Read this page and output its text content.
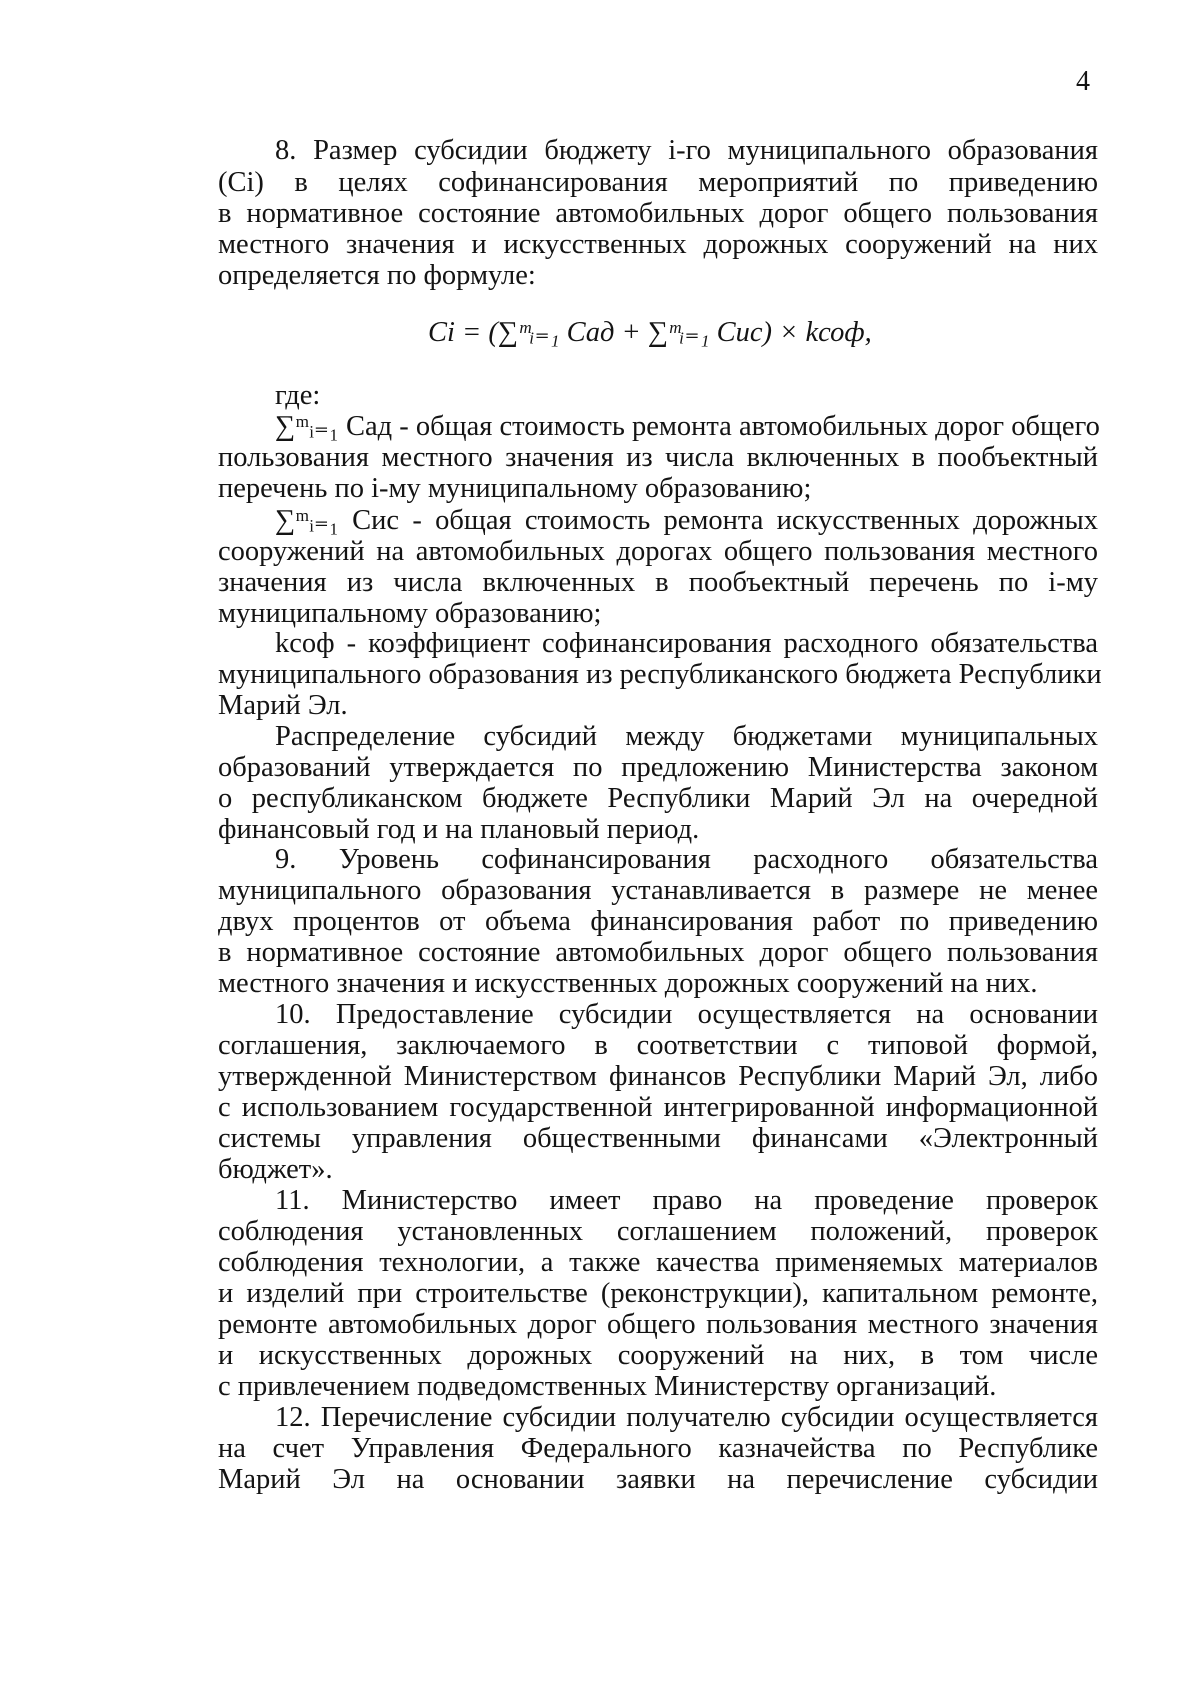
4
8. Размер субсидии бюджету i-го муниципального образования
(Ci) в целях софинансирования мероприятий по приведению
в нормативное состояние автомобильных дорог общего пользования
местного значения и искусственных дорожных сооружений на них
определяется по формуле:
Ci = (∑ᵐᵢ₌₁ Cад + ∑ᵐᵢ₌₁ Cис) × kсоф,
где:
∑ᵐᵢ₌₁ Cад - общая стоимость ремонта автомобильных дорог общего
пользования местного значения из числа включенных в пообъектный
перечень по i-му муниципальному образованию;
∑ᵐᵢ₌₁ Cис - общая стоимость ремонта искусственных дорожных
сооружений на автомобильных дорогах общего пользования местного
значения из числа включенных в пообъектный перечень по i-му
муниципальному образованию;
kсоф - коэффициент софинансирования расходного обязательства
муниципального образования из республиканского бюджета Республики
Марий Эл.
Распределение субсидий между бюджетами муниципальных
образований утверждается по предложению Министерства законом
о республиканском бюджете Республики Марий Эл на очередной
финансовый год и на плановый период.
9. Уровень софинансирования расходного обязательства
муниципального образования устанавливается в размере не менее
двух процентов от объема финансирования работ по приведению
в нормативное состояние автомобильных дорог общего пользования
местного значения и искусственных дорожных сооружений на них.
10. Предоставление субсидии осуществляется на основании
соглашения, заключаемого в соответствии с типовой формой,
утвержденной Министерством финансов Республики Марий Эл, либо
с использованием государственной интегрированной информационной
системы управления общественными финансами «Электронный
бюджет».
11. Министерство имеет право на проведение проверок
соблюдения установленных соглашением положений, проверок
соблюдения технологии, а также качества применяемых материалов
и изделий при строительстве (реконструкции), капитальном ремонте,
ремонте автомобильных дорог общего пользования местного значения
и искусственных дорожных сооружений на них, в том числе
с привлечением подведомственных Министерству организаций.
12. Перечисление субсидии получателю субсидии осуществляется
на счет Управления Федерального казначейства по Республике
Марий Эл на основании заявки на перечисление субсидии
